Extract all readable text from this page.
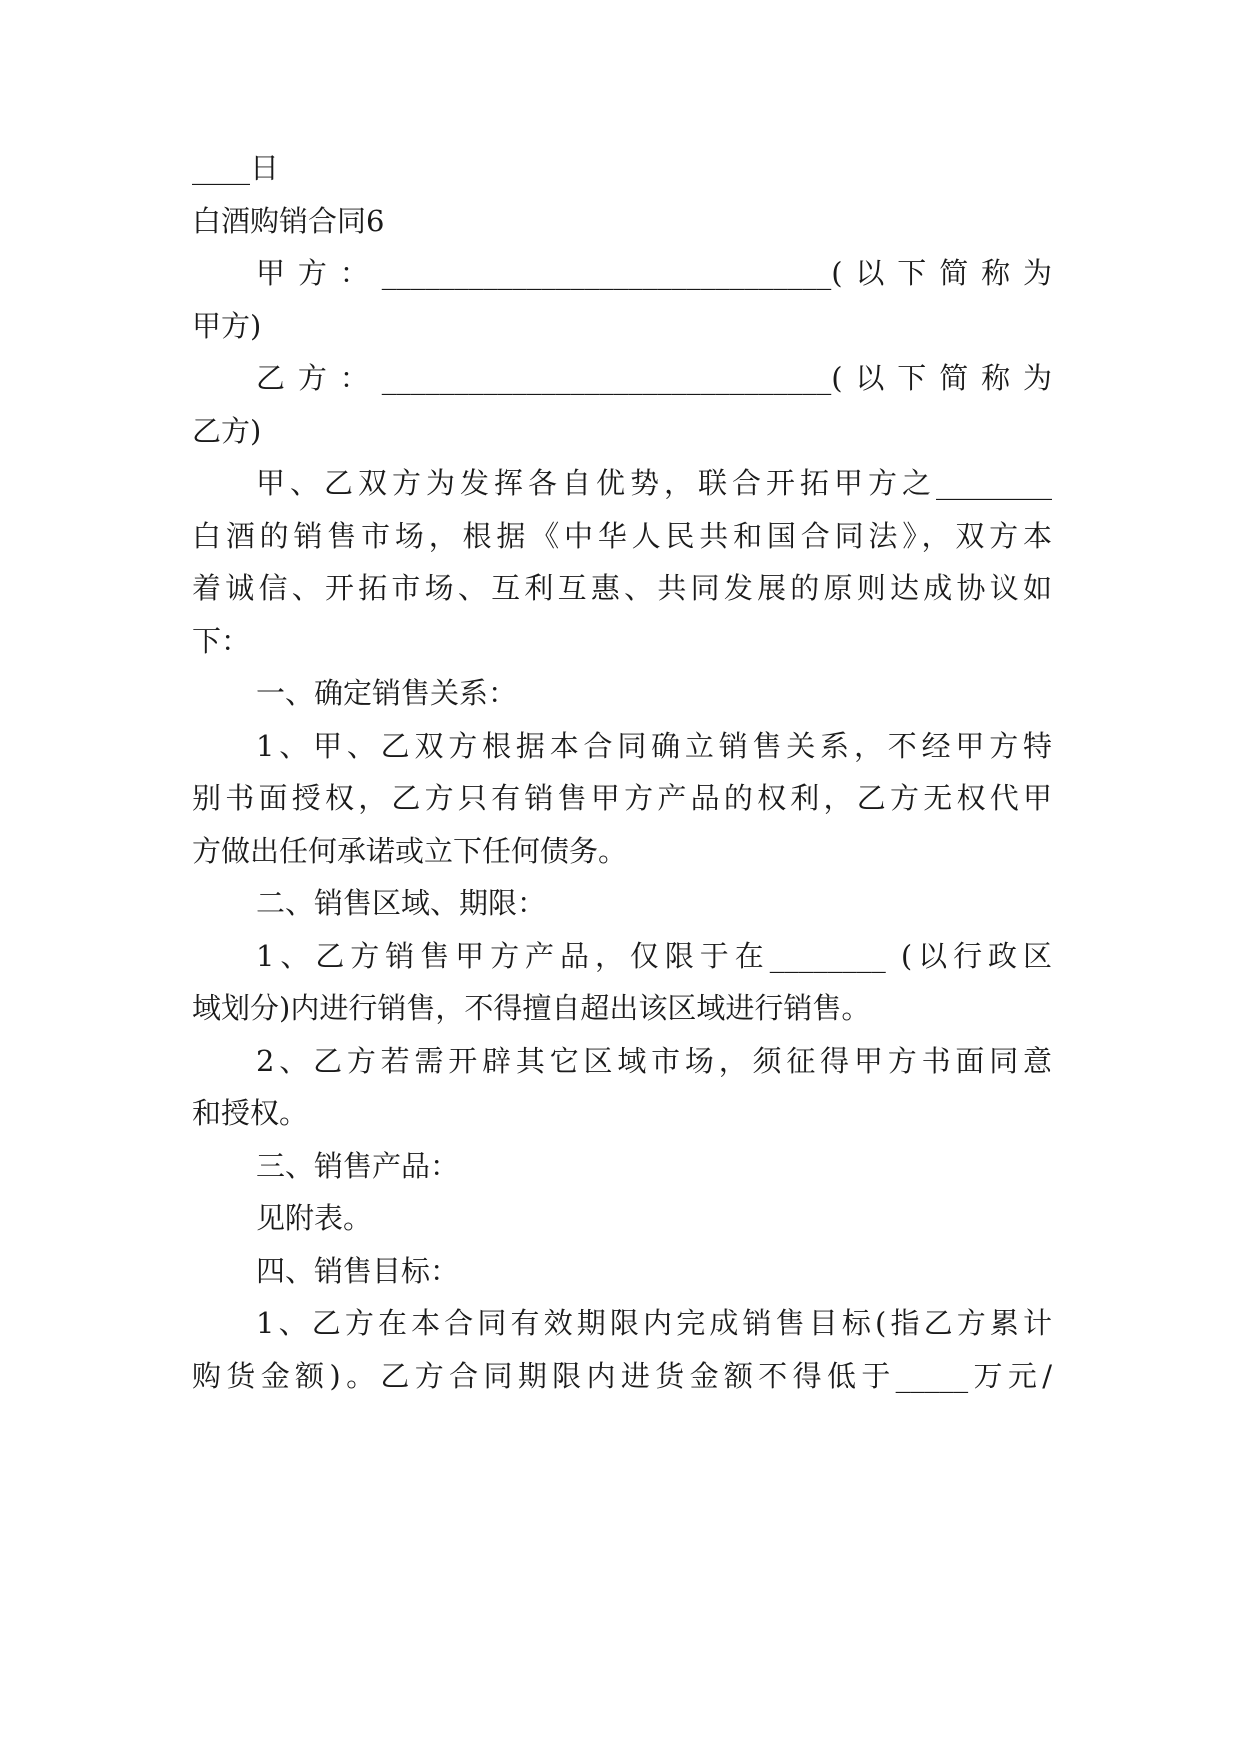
____日
白酒购销合同6
甲方：_______________________________(以下简称为
甲方)
乙方：_______________________________(以下简称为
乙方)
甲、乙双方为发挥各自优势，联合开拓甲方之________
白酒的销售市场，根据《中华人民共和国合同法》，双方本
着诚信、开拓市场、互利互惠、共同发展的原则达成协议如
下：
一、确定销售关系：
1、甲、乙双方根据本合同确立销售关系，不经甲方特
别书面授权，乙方只有销售甲方产品的权利，乙方无权代甲
方做出任何承诺或立下任何债务。
二、销售区域、期限：
1、乙方销售甲方产品，仅限于在________ (以行政区
域划分)内进行销售，不得擅自超出该区域进行销售。
2、乙方若需开辟其它区域市场，须征得甲方书面同意
和授权。
三、销售产品：
见附表。
四、销售目标：
1、乙方在本合同有效期限内完成销售目标(指乙方累计
购货金额)。乙方合同期限内进货金额不得低于_____万元/
